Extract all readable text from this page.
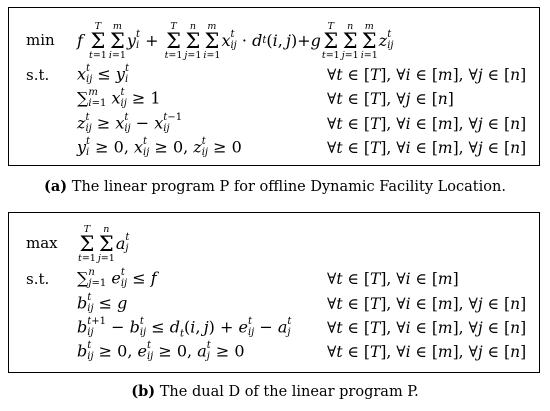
min f

T
Σ
t=1
m
Σ
i=1
y t
i +
T
Σ
t=1
n
Σ
j=1
m
Σ
i=1
x t
ij · d t ( i ,  j )+ g
T
Σ
t=1
n
Σ
j=1
m
Σ
i=1
z t
ij
s.t. x t
ij ≤ y t
i	∀t ∈ [T], ∀i ∈ [m], ∀j ∈ [n]
∑ m
i=1 x t
ij ≥ 1	∀t ∈ [T], ∀j ∈ [n]
z t
ij ≥ x t
ij − x t−1
ij	∀t ∈ [T], ∀i ∈ [m], ∀j ∈ [n]
y t
i ≥ 0, x t
ij ≥ 0, z t
ij ≥ 0	∀t ∈ [T], ∀i ∈ [m], ∀j ∈ [n]
(a) The linear program P for offline Dynamic Facility Location.
max
T
Σ
t=1
n
Σ
j=1
a t
j
s.t. ∑ n
j=1 e t
ij ≤ f	∀t ∈ [T], ∀i ∈ [m]
b t
ij ≤ g	∀t ∈ [T], ∀i ∈ [m], ∀j ∈ [n]
b t+1
ij − b t
ij ≤ $d_t(i$, j) + e t
ij − a t
j ∀t ∈ [T], ∀i ∈ [m], ∀j ∈ [n]
b t
ij ≥ 0, e t
ij ≥ 0, a t
j ≥ 0	∀t ∈ [T], ∀i ∈ [m], ∀j ∈ [n]
(b) The dual D of the linear program P.
